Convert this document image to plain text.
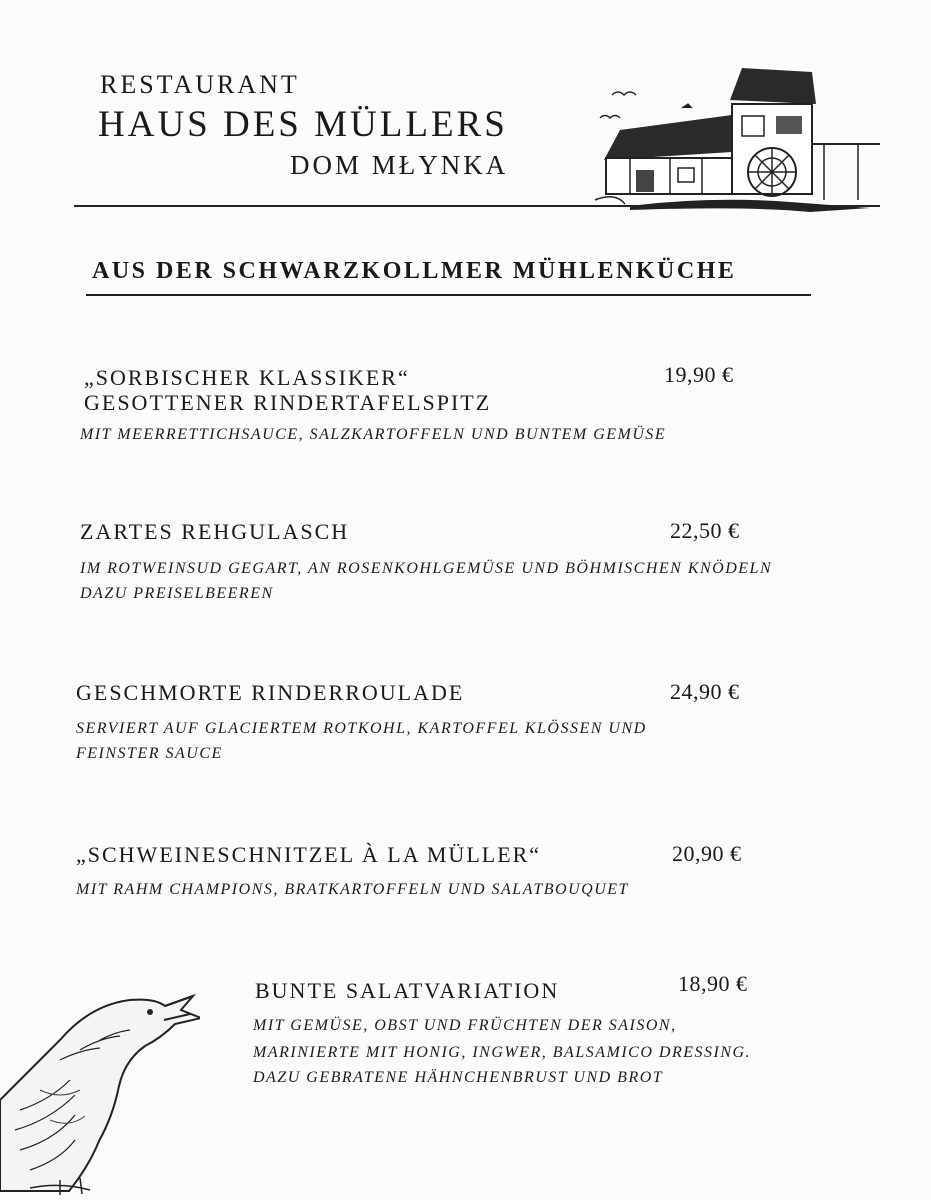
RESTAURANT
HAUS DES MÜLLERS
DOM MŁYNKA
AUS DER SCHWARZKOLLMER MÜHLENKÜCHE
„SORBISCHER KLASSIKER“
GESOTTENER RINDERTAFELSPITZ
19,90 €
MIT MEERRETTICHSAUCE, SALZKARTOFFELN UND BUNTEM GEMÜSE
ZARTES REHGULASCH	22,50 €
IM ROTWEINSUD GEGART, AN ROSENKOHLGEMÜSE UND BÖHMISCHEN KNÖDELN
DAZU PREISELBEEREN
GESCHMORTE RINDERROULADE	24,90 €
SERVIERT AUF GLACIERTEM ROTKOHL, KARTOFFEL KLÖSSEN UND
FEINSTER SAUCE
„SCHWEINESCHNITZEL À LA MÜLLER“	20,90 €
MIT RAHM CHAMPIONS, BRATKARTOFFELN UND SALATBOUQUET
BUNTE SALATVARIATION	18,90 €
MIT GEMÜSE, OBST UND FRÜCHTEN DER SAISON,
MARINIERTE MIT HONIG, INGWER, BALSAMICO DRESSING.
DAZU GEBRATENE HÄHNCHENBRUST UND BROT
